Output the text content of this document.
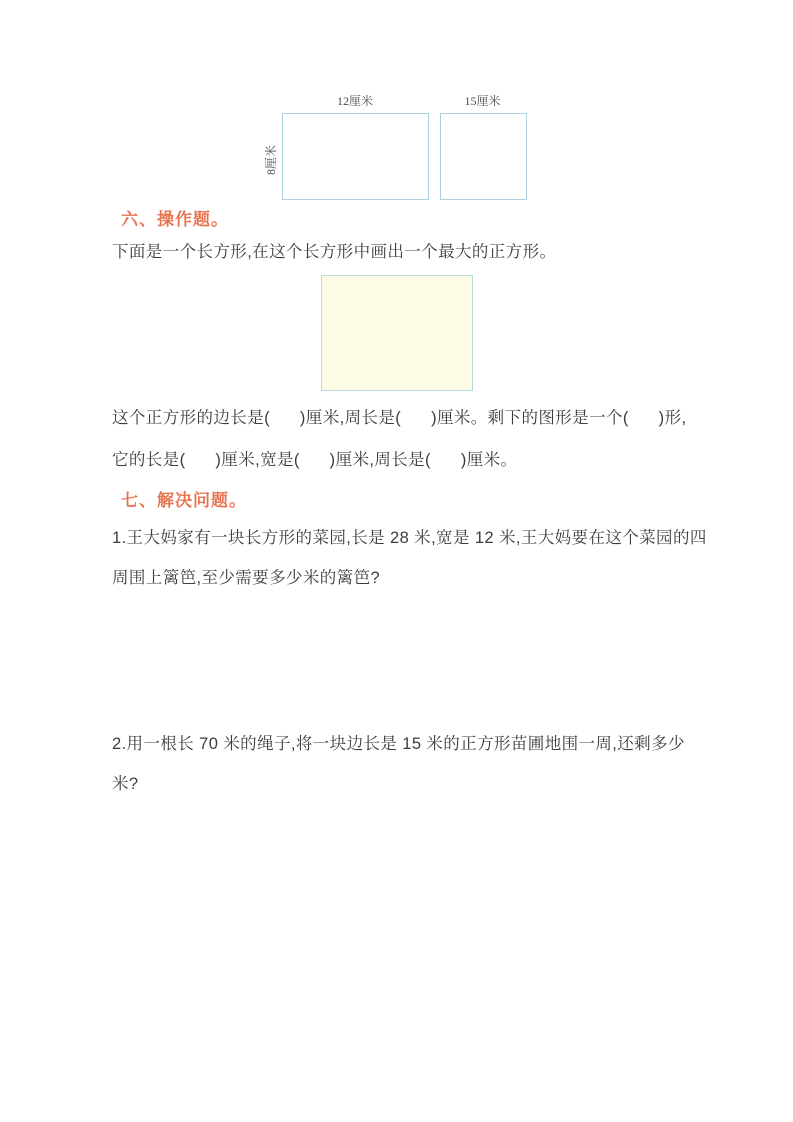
12厘米	15厘米
8厘米
六、操作题。
下面是一个长方形,在这个长方形中画出一个最大的正方形。
这个正方形的边长是(      )厘米,周长是(      )厘米。剩下的图形是一个(      )形,
它的长是(      )厘米,宽是(      )厘米,周长是(      )厘米。
七、解决问题。
1.王大妈家有一块长方形的菜园,长是 28 米,宽是 12 米,王大妈要在这个菜园的四
周围上篱笆,至少需要多少米的篱笆?
2.用一根长 70 米的绳子,将一块边长是 15 米的正方形苗圃地围一周,还剩多少
米?
